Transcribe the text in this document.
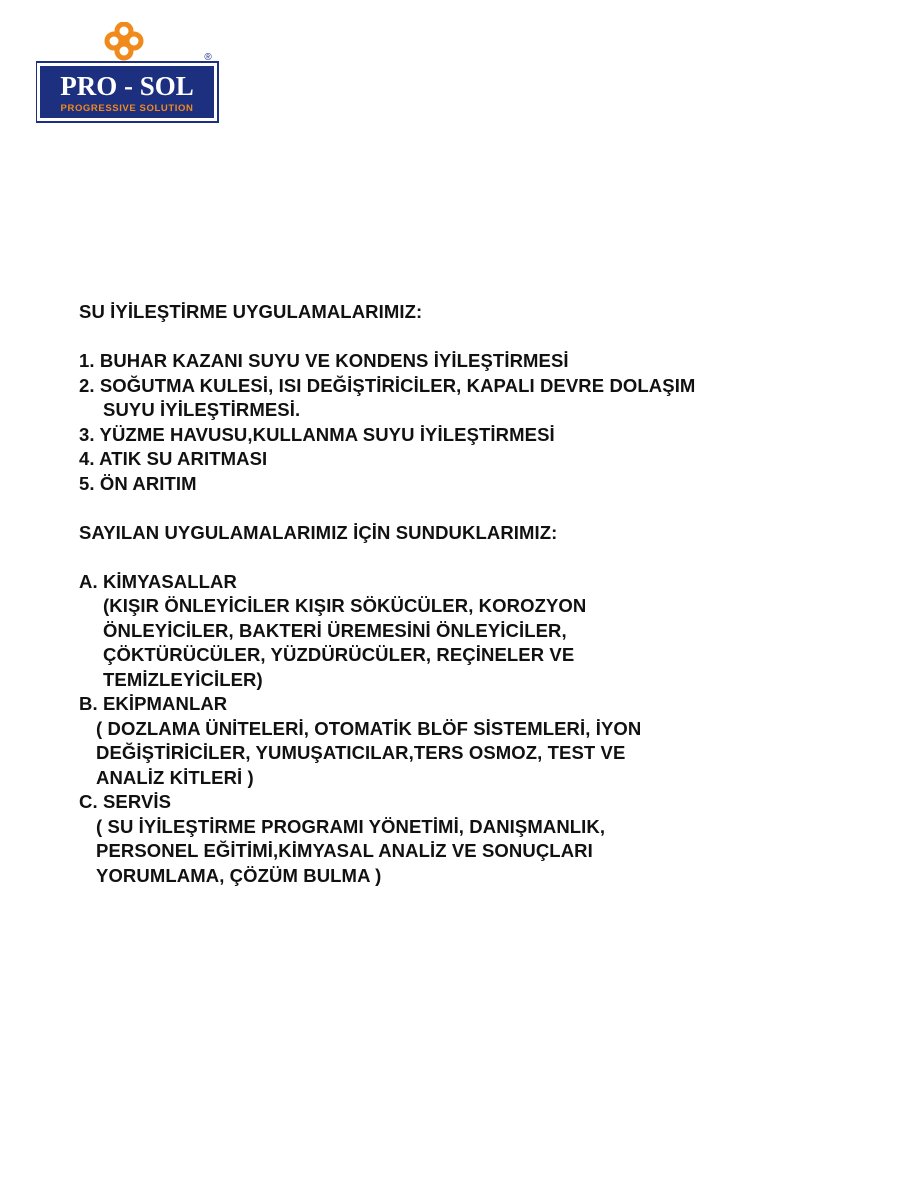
PRO - SOL
PROGRESSIVE SOLUTION
®
SU İYİLEŞTİRME UYGULAMALARIMIZ:
1. BUHAR KAZANI SUYU VE KONDENS İYİLEŞTİRMESİ
2. SOĞUTMA KULESİ, ISI DEĞİŞTİRİCİLER, KAPALI DEVRE DOLAŞIM
SUYU İYİLEŞTİRMESİ.
3. YÜZME HAVUSU,KULLANMA SUYU İYİLEŞTİRMESİ
4. ATIK SU ARITMASI
5. ÖN ARITIM
SAYILAN UYGULAMALARIMIZ İÇİN SUNDUKLARIMIZ:
A. KİMYASALLAR
(KIŞIR ÖNLEYİCİLER KIŞIR SÖKÜCÜLER, KOROZYON
ÖNLEYİCİLER, BAKTERİ ÜREMESİNİ ÖNLEYİCİLER,
ÇÖKTÜRÜCÜLER, YÜZDÜRÜCÜLER, REÇİNELER VE
TEMİZLEYİCİLER)
B. EKİPMANLAR
( DOZLAMA ÜNİTELERİ, OTOMATİK BLÖF SİSTEMLERİ, İYON
DEĞİŞTİRİCİLER, YUMUŞATICILAR,TERS OSMOZ, TEST VE
ANALİZ KİTLERİ )
C. SERVİS
( SU İYİLEŞTİRME PROGRAMI YÖNETİMİ, DANIŞMANLIK,
PERSONEL EĞİTİMİ,KİMYASAL ANALİZ VE SONUÇLARI
YORUMLAMA, ÇÖZÜM BULMA )
